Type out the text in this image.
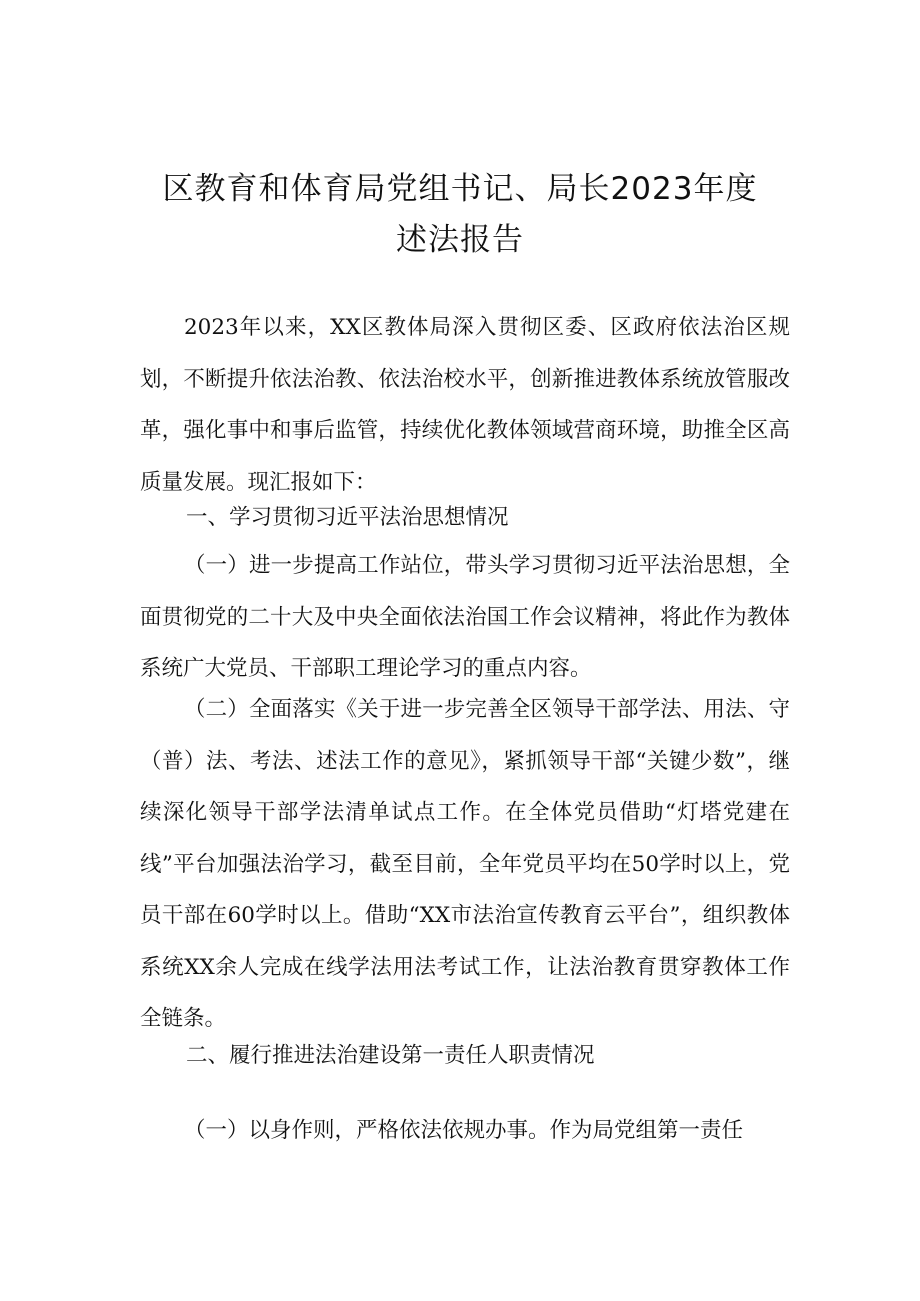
区教育和体育局党组书记、局长2023年度
述法报告

2023年以来，XX区教体局深入贯彻区委、区政府依法治区规划，不断提升依法治教、依法治校水平，创新推进教体系统放管服改革，强化事中和事后监管，持续优化教体领域营商环境，助推全区高质量发展。现汇报如下：

一、学习贯彻习近平法治思想情况

（一）进一步提高工作站位，带头学习贯彻习近平法治思想，全面贯彻党的二十大及中央全面依法治国工作会议精神，将此作为教体系统广大党员、干部职工理论学习的重点内容。

（二）全面落实《关于进一步完善全区领导干部学法、用法、守（普）法、考法、述法工作的意见》，紧抓领导干部“关键少数”，继续深化领导干部学法清单试点工作。在全体党员借助“灯塔党建在线”平台加强法治学习，截至目前，全年党员平均在50学时以上，党员干部在60学时以上。借助“XX市法治宣传教育云平台”，组织教体系统XX余人完成在线学法用法考试工作，让法治教育贯穿教体工作全链条。

二、履行推进法治建设第一责任人职责情况

（一）以身作则，严格依法依规办事。作为局党组第一责任
